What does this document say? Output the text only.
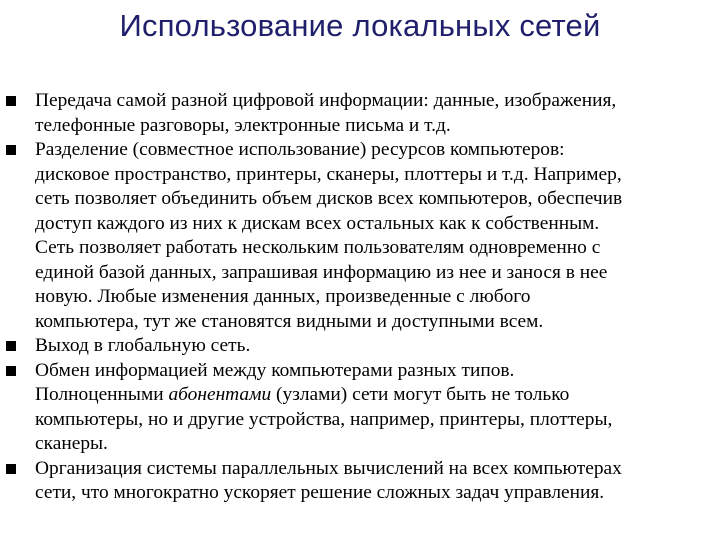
Использование локальных сетей
Передача самой разной цифровой информации: данные, изображения,
телефонные разговоры, электронные письма и т.д.
Разделение (совместное использование) ресурсов компьютеров:
дисковое пространство, принтеры, сканеры, плоттеры и т.д. Например,
сеть позволяет объединить объем дисков всех компьютеров, обеспечив
доступ каждого из них к дискам всех остальных как к собственным.
Сеть позволяет работать нескольким пользователям одновременно с
единой базой данных, запрашивая информацию из нее и занося в нее
новую. Любые изменения данных, произведенные с любого
компьютера, тут же становятся видными и доступными всем.
Выход в глобальную сеть.
Обмен информацией между компьютерами разных типов.
Полноценными абонентами (узлами) сети могут быть не только
компьютеры, но и другие устройства, например, принтеры, плоттеры,
сканеры.
Организация системы параллельных вычислений на всех компьютерах
сети, что многократно ускоряет решение сложных задач управления.
